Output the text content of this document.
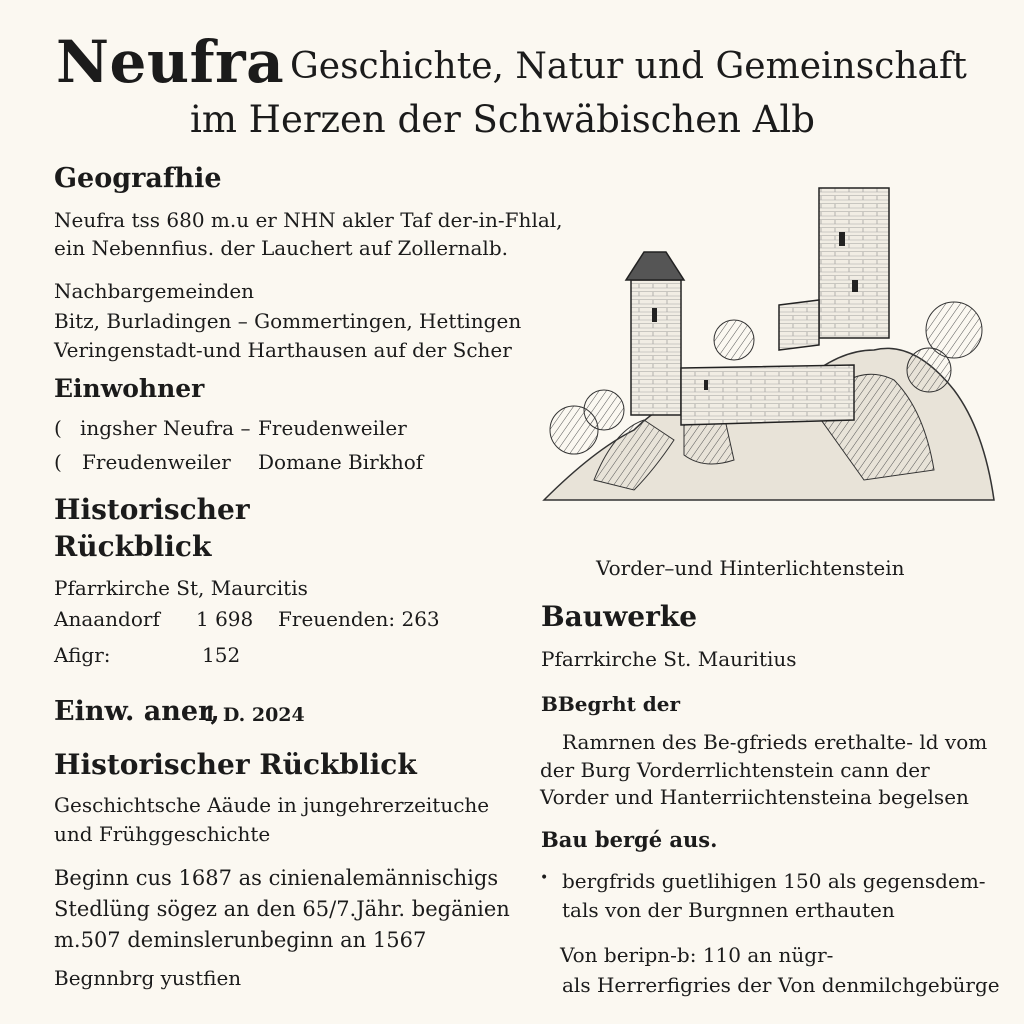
Neufra Geschichte, Natur und Gemeinschaft
im Herzen der Schwäbischen Alb
Geografhie
Neufra tss 680 m.u er NHN akler Taf der-in-Fhlal,
ein Nebennfius. der Lauchert auf Zollernalb.
Nachbargemeinden
Bitz, Burladingen – Gommertingen, Hettingen
Veringenstadt-und Harthausen auf der Scher
Einwohner
( ingsher Neufra – Freudenweiler
( Freudenweiler Domane Birkhof
Historischer
Rückblick
Pfarrkirche St, Maurcitis
Anaandorf 1 698 Freuenden: 263
Afigr:	152
Einw. aner,
1 D. 2024
Historischer Rückblick
Geschichtsche Aäude in jungehrerzeituche
und Frühggeschichte
Beginn cus 1687 as cinienalemännischigs
Stedlüng sögez an den 65/7.Jähr. begänien
m.507 deminslerunbeginn an 1567
Begnnbrg yustfien
Vorder–und Hinterlichtenstein
Bauwerke
Pfarrkirche St. Mauritius
BBegrht der
Ramrnen des Be-gfrieds erethalte- ld vom
der Burg Vorderrlichtenstein cann der
Vorder und Hanterriichtensteina begelsen
Bau bergé aus.
• bergfrids guetlihigen 150 als gegensdem-
tals von der Burgnnen erthauten
Von beripn-b: 110 an nügr-
als Herrerfigries der Von denmilchgebürge
